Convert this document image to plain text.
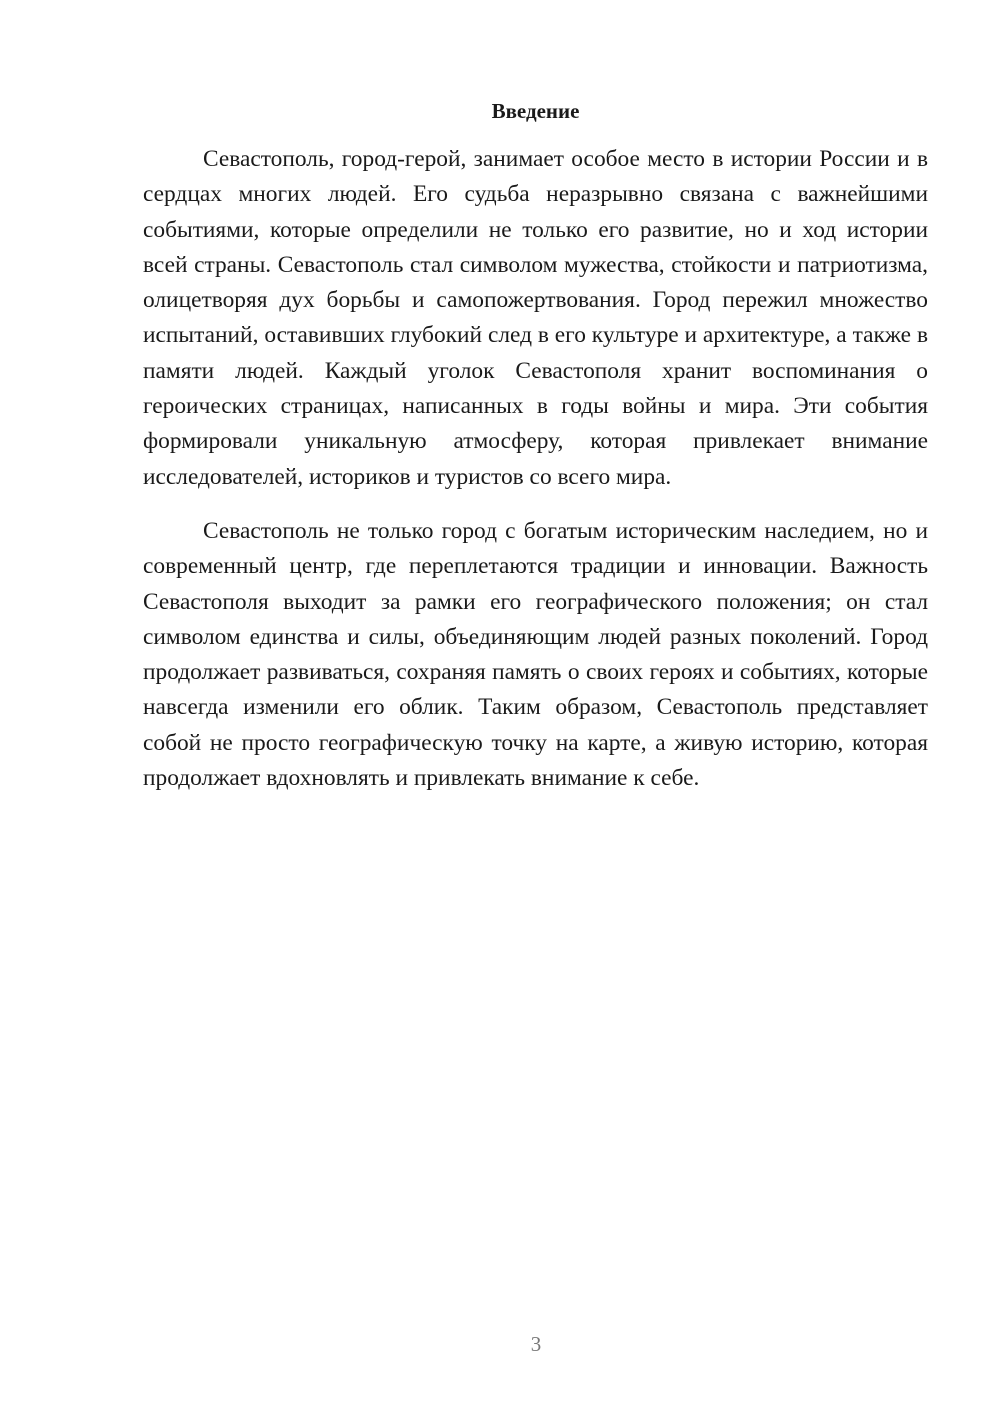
Введение

Севастополь, город-герой, занимает особое место в истории России и в сердцах многих людей. Его судьба неразрывно связана с важнейшими событиями, которые определили не только его развитие, но и ход истории всей страны. Севастополь стал символом мужества, стойкости и патриотизма, олицетворяя дух борьбы и самопожертвования. Город пережил множество испытаний, оставивших глубокий след в его культуре и архитектуре, а также в памяти людей. Каждый уголок Севастополя хранит воспоминания о героических страницах, написанных в годы войны и мира. Эти события формировали уникальную атмосферу, которая привлекает внимание исследователей, историков и туристов со всего мира.

Севастополь не только город с богатым историческим наследием, но и современный центр, где переплетаются традиции и инновации. Важность Севастополя выходит за рамки его географического положения; он стал символом единства и силы, объединяющим людей разных поколений. Город продолжает развиваться, сохраняя память о своих героях и событиях, которые навсегда изменили его облик. Таким образом, Севастополь представляет собой не просто географическую точку на карте, а живую историю, которая продолжает вдохновлять и привлекать внимание к себе.

3
